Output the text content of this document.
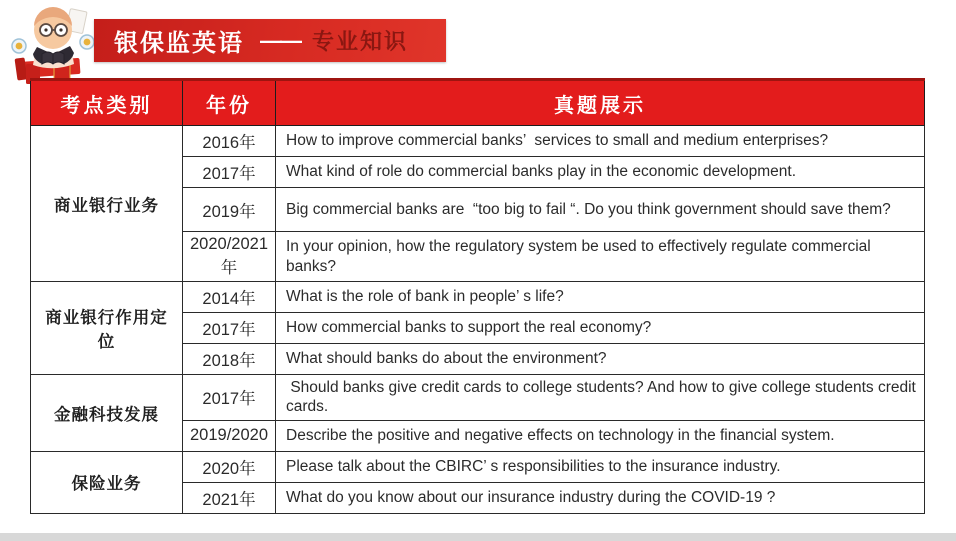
银保监英语 —— 专业知识
考点类别	年份	真题展示
商业银行业务	2016年	How to improve commercial banks’  services to small and medium enterprises?
	2017年	What kind of role do commercial banks play in the economic development.
	2019年	Big commercial banks are  “too big to fail “. Do you think government should save them?
	2020/2021年	In your opinion, how the regulatory system be used to effectively regulate commercial banks?
商业银行作用定位	2014年	What is the role of bank in people’ s life?
	2017年	How commercial banks to support the real economy?
	2018年	What should banks do about the environment?
金融科技发展	2017年	Should banks give credit cards to college students? And how to give college students credit cards.
	2019/2020	Describe the positive and negative effects on technology in the financial system.
保险业务	2020年	Please talk about the CBIRC’ s responsibilities to the insurance industry.
	2021年	What do you know about our insurance industry during the COVID-19 ?
